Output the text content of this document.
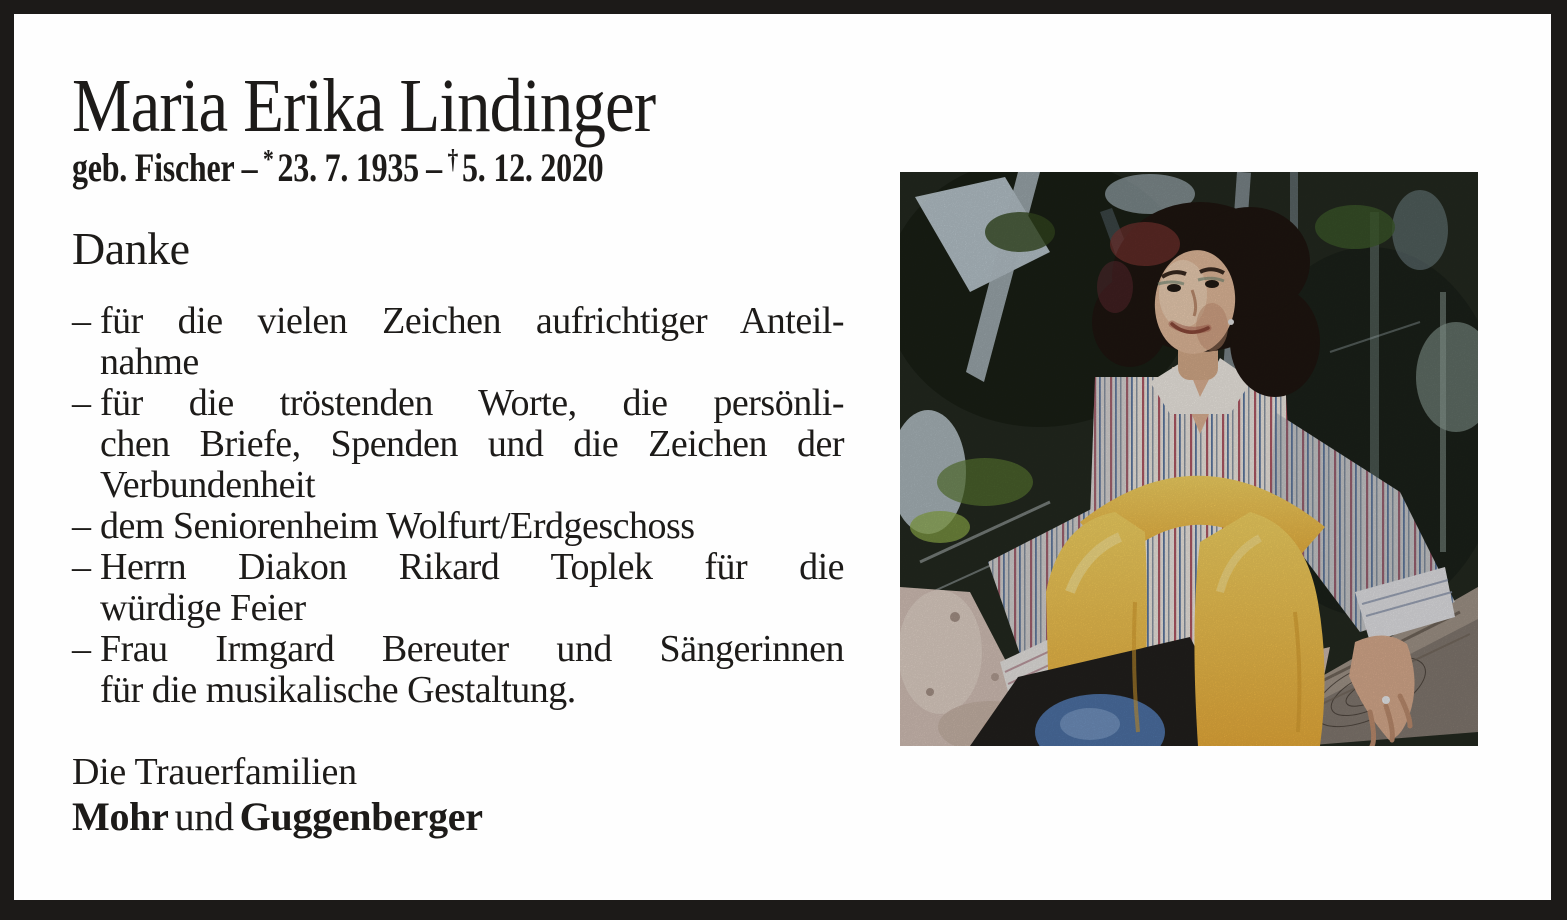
Maria Erika Lindinger
geb. Fischer – * 23. 7. 1935 – † 5. 12. 2020
Danke
– für die vielen Zeichen aufrichtiger Anteil-
nahme
– für die tröstenden Worte, die persönli-
chen Briefe, Spenden und die Zeichen der
Verbundenheit
– dem Seniorenheim Wolfurt/Erdgeschoss
– Herrn Diakon Rikard Toplek für die
würdige Feier
– Frau Irmgard Bereuter und Sängerinnen
für die musikalische Gestaltung.
Die Trauerfamilien
Mohr und Guggenberger
